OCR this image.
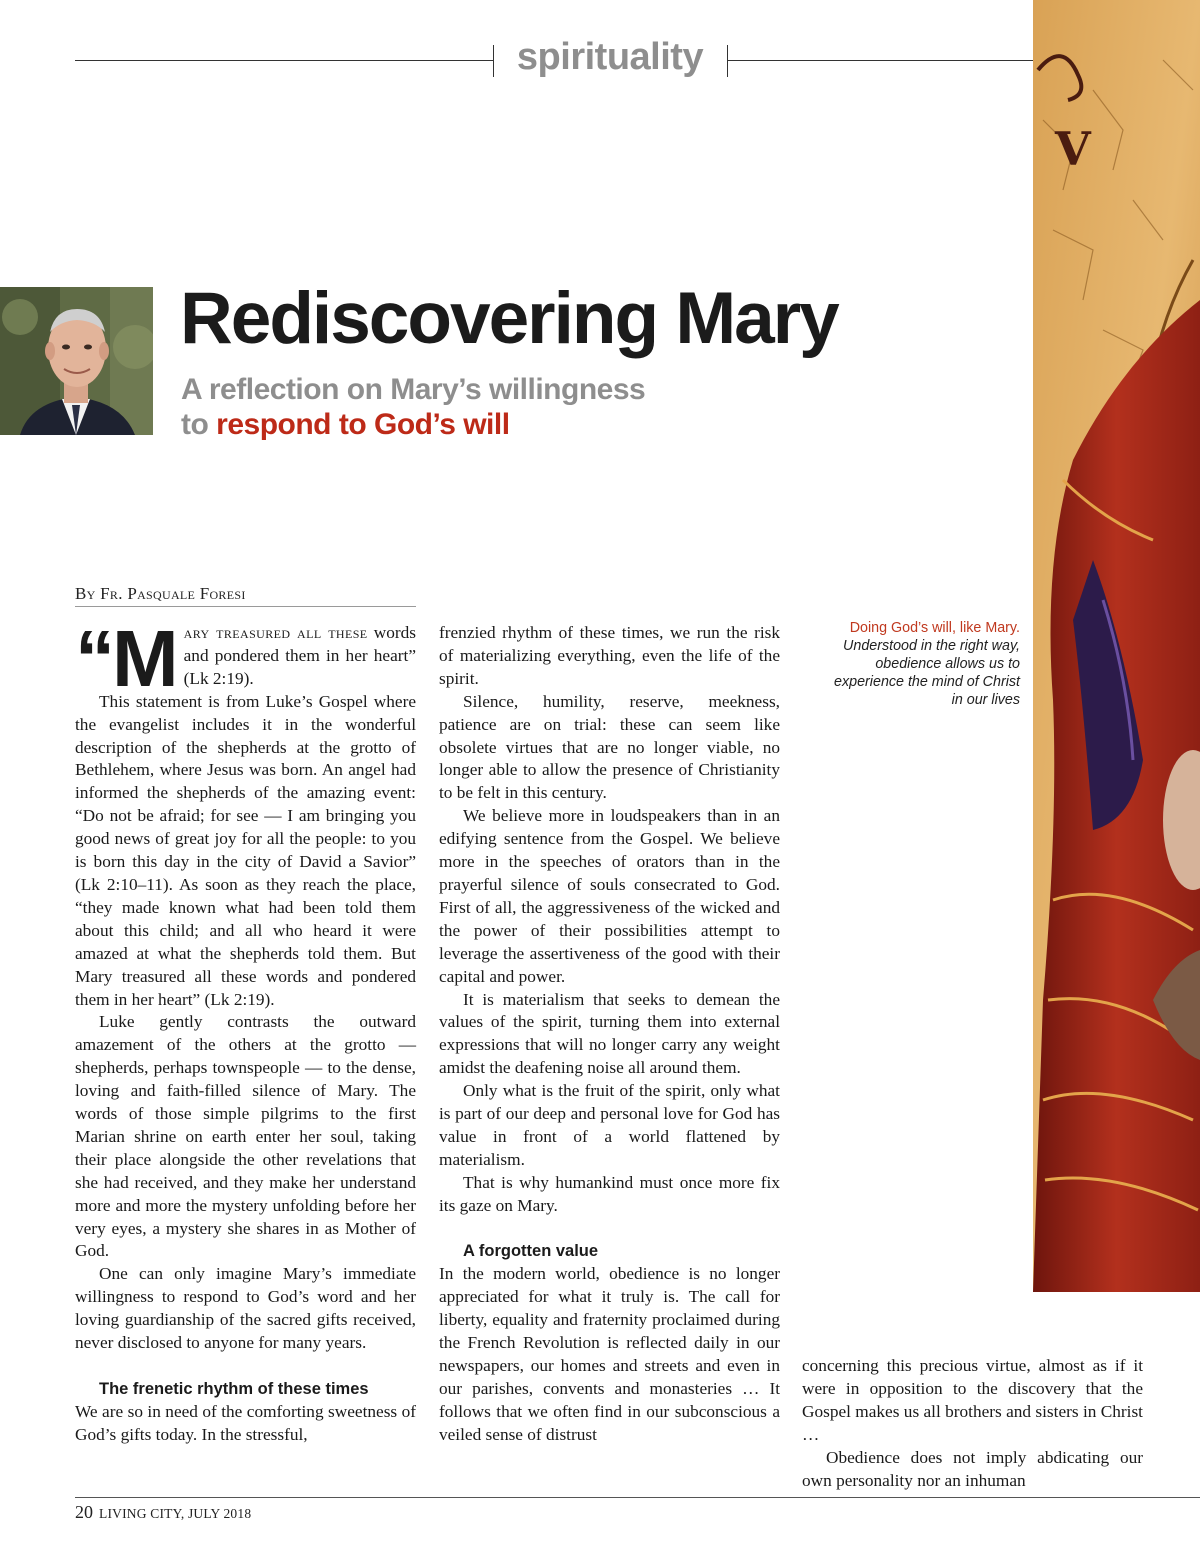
spirituality
V
Rediscovering Mary
A reflection on Mary’s willingness
to respond to God’s will
By Fr. Pasquale Foresi

“Mary treasured all these words and pondered them in her heart” (Lk 2:19).

This statement is from Luke’s Gospel where the evangelist includes it in the wonderful description of the shepherds at the grotto of Bethlehem, where Jesus was born. An angel had informed the shepherds of the amazing event: “Do not be afraid; for see — I am bringing you good news of great joy for all the people: to you is born this day in the city of David a Savior” (Lk 2:10–11). As soon as they reach the place, “they made known what had been told them about this child; and all who heard it were amazed at what the shepherds told them. But Mary treasured all these words and pondered them in her heart” (Lk 2:19).

Luke gently contrasts the outward amazement of the others at the grotto — shepherds, perhaps townspeople — to the dense, loving and faith-filled silence of Mary. The words of those simple pilgrims to the first Marian shrine on earth enter her soul, taking their place alongside the other revelations that she had received, and they make her understand more and more the mystery unfolding before her very eyes, a mystery she shares in as Mother of God.

One can only imagine Mary’s immediate willingness to respond to God’s word and her loving guardianship of the sacred gifts received, never disclosed to anyone for many years.

The frenetic rhythm of these times

We are so in need of the comforting sweetness of God’s gifts today. In the stressful,

frenzied rhythm of these times, we run the risk of materializing everything, even the life of the spirit.

Silence, humility, reserve, meekness, patience are on trial: these can seem like obsolete virtues that are no longer viable, no longer able to allow the presence of Christianity to be felt in this century.

We believe more in loudspeakers than in an edifying sentence from the Gospel. We believe more in the speeches of orators than in the prayerful silence of souls consecrated to God. First of all, the aggressiveness of the wicked and the power of their possibilities attempt to leverage the assertiveness of the good with their capital and power.

It is materialism that seeks to demean the values of the spirit, turning them into external expressions that will no longer carry any weight amidst the deafening noise all around them.

Only what is the fruit of the spirit, only what is part of our deep and personal love for God has value in front of a world flattened by materialism.

That is why humankind must once more fix its gaze on Mary.

A forgotten value

In the modern world, obedience is no longer appreciated for what it truly is. The call for liberty, equality and fraternity proclaimed during the French Revolution is reflected daily in our newspapers, our homes and streets and even in our parishes, convents and monasteries … It follows that we often find in our subconscious a veiled sense of distrust

concerning this precious virtue, almost as if it were in opposition to the discovery that the Gospel makes us all brothers and sisters in Christ …

Obedience does not imply abdicating our own personality nor an inhuman

Doing God’s will, like Mary. Understood in the right way, obedience allows us to experience the mind of Christ in our lives
20 LIVING CITY, JULY 2018
